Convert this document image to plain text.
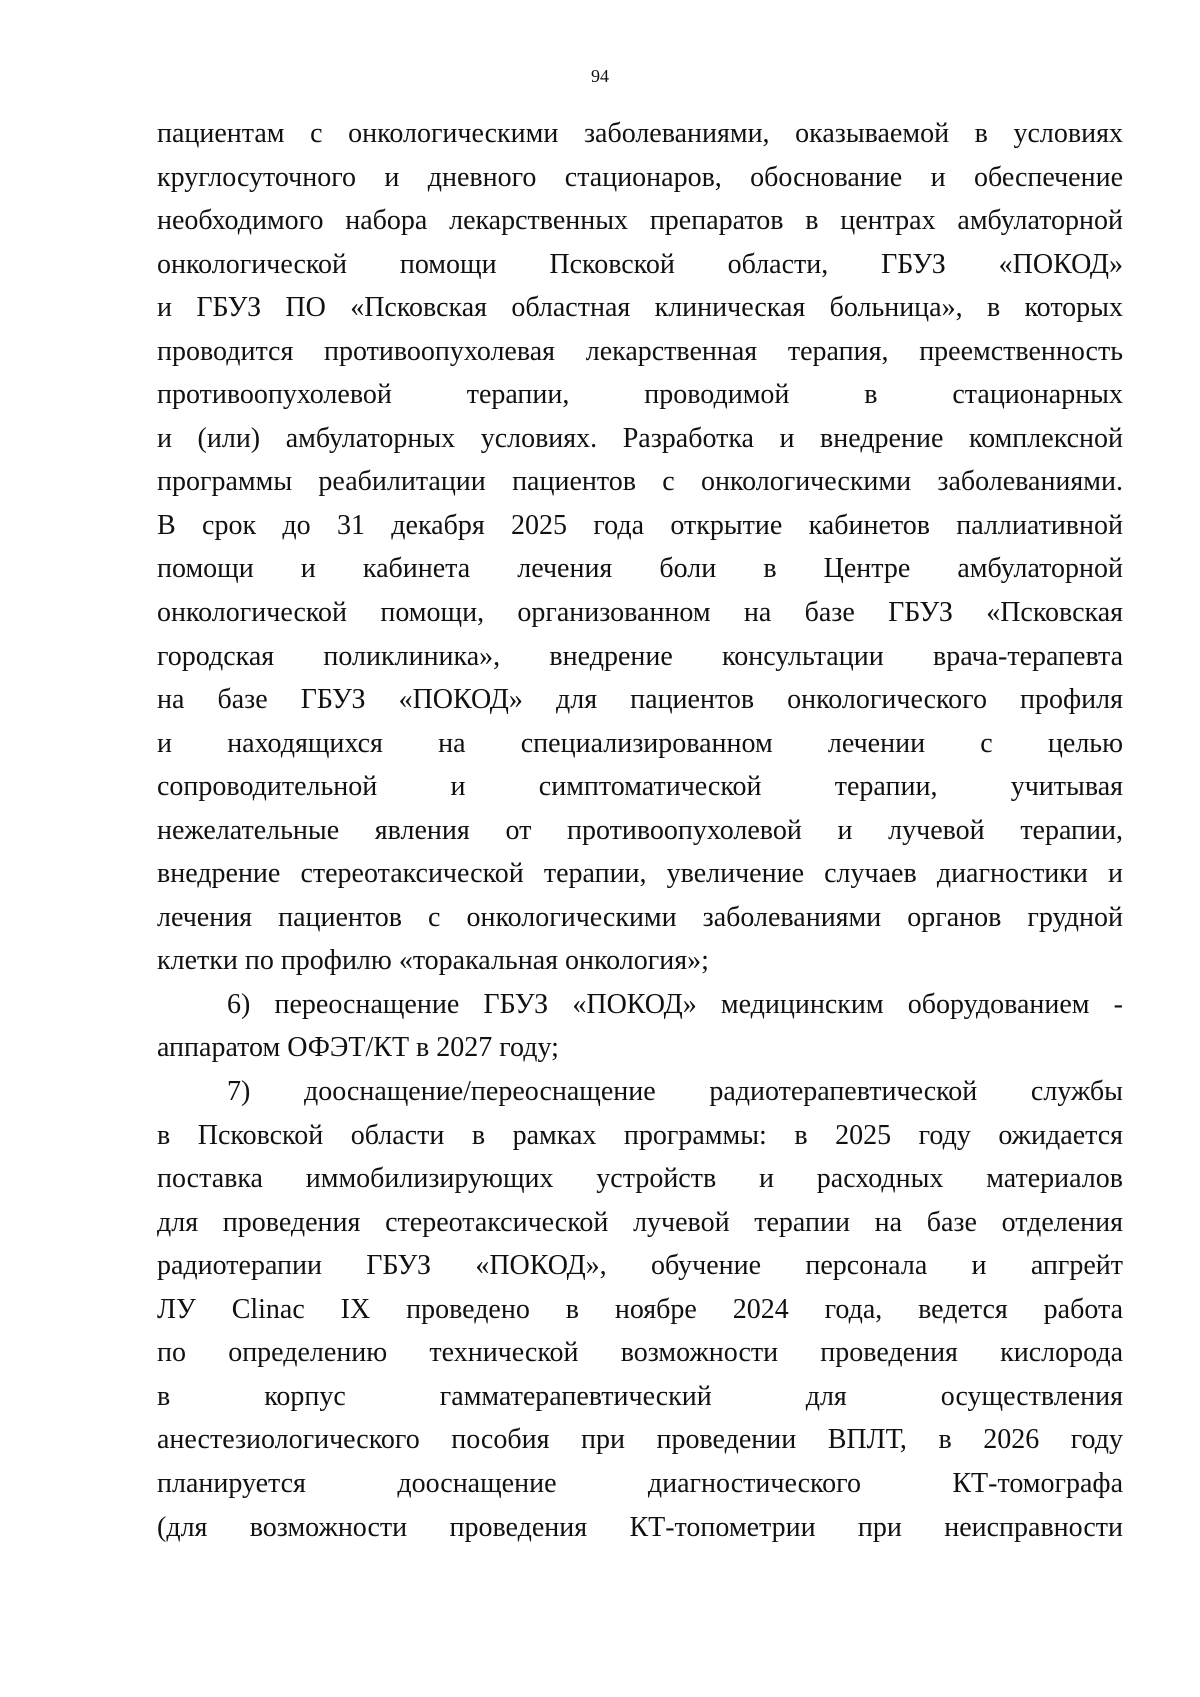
94
пациентам с онкологическими заболеваниями, оказываемой в условиях
круглосуточного и дневного стационаров, обоснование и обеспечение
необходимого набора лекарственных препаратов в центрах амбулаторной
онкологической помощи Псковской области, ГБУЗ «ПОКОД»
и ГБУЗ ПО «Псковская областная клиническая больница», в которых
проводится противоопухолевая лекарственная терапия, преемственность
противоопухолевой терапии, проводимой в стационарных
и (или) амбулаторных условиях. Разработка и внедрение комплексной
программы реабилитации пациентов с онкологическими заболеваниями.
В срок до 31 декабря 2025 года открытие кабинетов паллиативной
помощи и кабинета лечения боли в Центре амбулаторной
онкологической помощи, организованном на базе ГБУЗ «Псковская
городская поликлиника», внедрение консультации врача-терапевта
на базе ГБУЗ «ПОКОД» для пациентов онкологического профиля
и находящихся на специализированном лечении с целью
сопроводительной и симптоматической терапии, учитывая
нежелательные явления от противоопухолевой и лучевой терапии,
внедрение стереотаксической терапии, увеличение случаев диагностики и
лечения пациентов с онкологическими заболеваниями органов грудной
клетки по профилю «торакальная онкология»;
6) переоснащение ГБУЗ «ПОКОД» медицинским оборудованием -
аппаратом ОФЭТ/КТ в 2027 году;
7) дооснащение/переоснащение радиотерапевтической службы
в Псковской области в рамках программы: в 2025 году ожидается
поставка иммобилизирующих устройств и расходных материалов
для проведения стереотаксической лучевой терапии на базе отделения
радиотерапии ГБУЗ «ПОКОД», обучение персонала и апгрейт
ЛУ Clinac IX проведено в ноябре 2024 года, ведется работа
по определению технической возможности проведения кислорода
в корпус гамматерапевтический для осуществления
анестезиологического пособия при проведении ВПЛТ, в 2026 году
планируется дооснащение диагностического КТ-томографа
(для возможности проведения КТ-топометрии при неисправности
